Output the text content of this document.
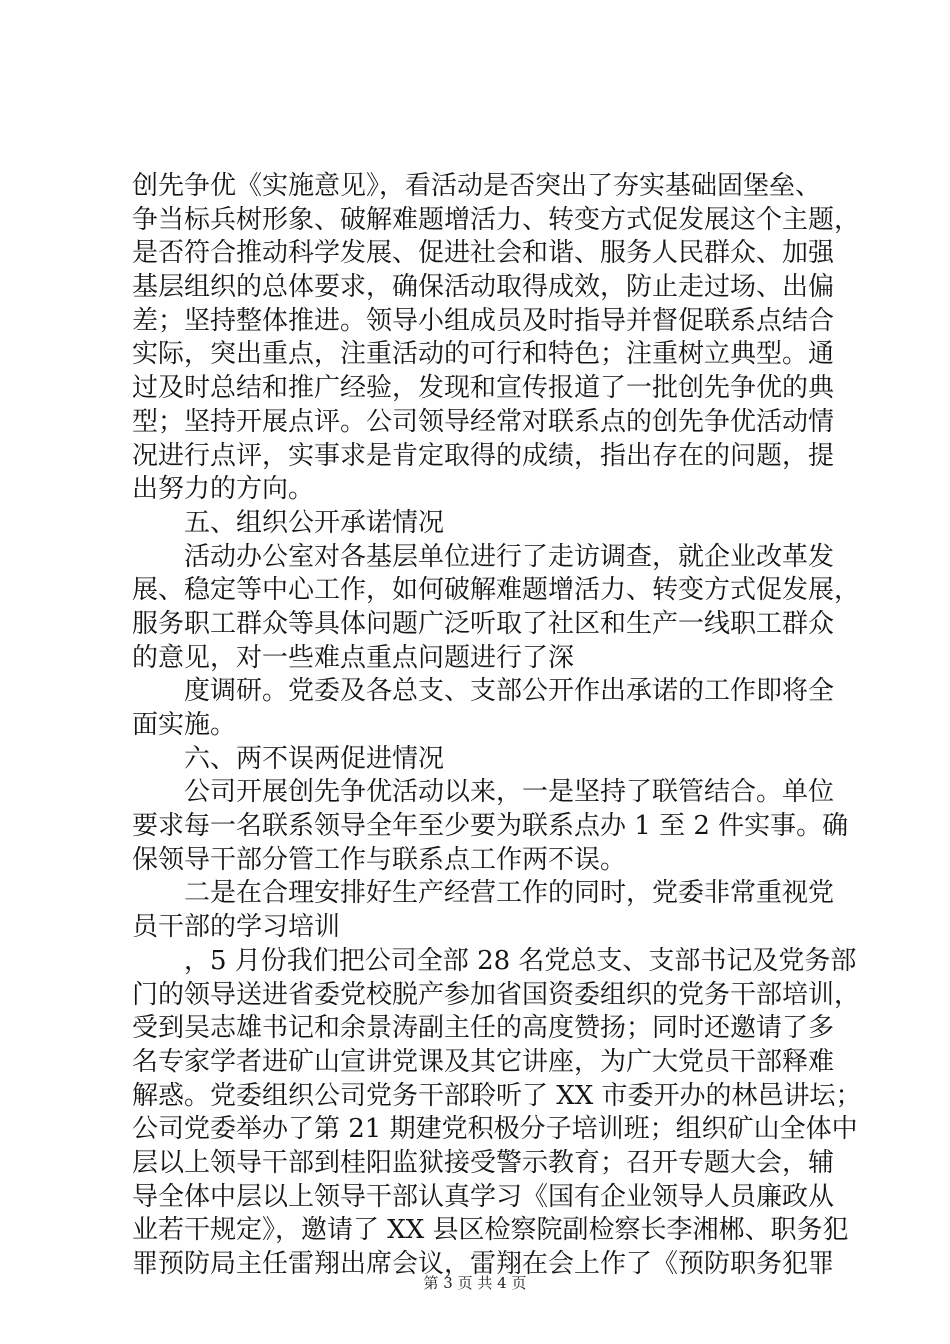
创先争优《实施意见》，看活动是否突出了夯实基础固堡垒、
争当标兵树形象、破解难题增活力、转变方式促发展这个主题，
是否符合推动科学发展、促进社会和谐、服务人民群众、加强
基层组织的总体要求，确保活动取得成效，防止走过场、出偏
差；坚持整体推进。领导小组成员及时指导并督促联系点结合
实际，突出重点，注重活动的可行和特色；注重树立典型。通
过及时总结和推广经验，发现和宣传报道了一批创先争优的典
型；坚持开展点评。公司领导经常对联系点的创先争优活动情
况进行点评，实事求是肯定取得的成绩，指出存在的问题，提
出努力的方向。
五、组织公开承诺情况
活动办公室对各基层单位进行了走访调查，就企业改革发
展、稳定等中心工作，如何破解难题增活力、转变方式促发展，
服务职工群众等具体问题广泛听取了社区和生产一线职工群众
的意见，对一些难点重点问题进行了深
度调研。党委及各总支、支部公开作出承诺的工作即将全
面实施。
六、两不误两促进情况
公司开展创先争优活动以来，一是坚持了联管结合。单位
要求每一名联系领导全年至少要为联系点办 1 至 2 件实事。确
保领导干部分管工作与联系点工作两不误。
二是在合理安排好生产经营工作的同时，党委非常重视党
员干部的学习培训
，5 月份我们把公司全部 28 名党总支、支部书记及党务部
门的领导送进省委党校脱产参加省国资委组织的党务干部培训，
受到吴志雄书记和余景涛副主任的高度赞扬；同时还邀请了多
名专家学者进矿山宣讲党课及其它讲座，为广大党员干部释难
解惑。党委组织公司党务干部聆听了 XX 市委开办的林邑讲坛；
公司党委举办了第 21 期建党积极分子培训班；组织矿山全体中
层以上领导干部到桂阳监狱接受警示教育；召开专题大会，辅
导全体中层以上领导干部认真学习《国有企业领导人员廉政从
业若干规定》，邀请了 XX 县区检察院副检察长李湘郴、职务犯
罪预防局主任雷翔出席会议，雷翔在会上作了《预防职务犯罪
第 3 页 共 4 页
